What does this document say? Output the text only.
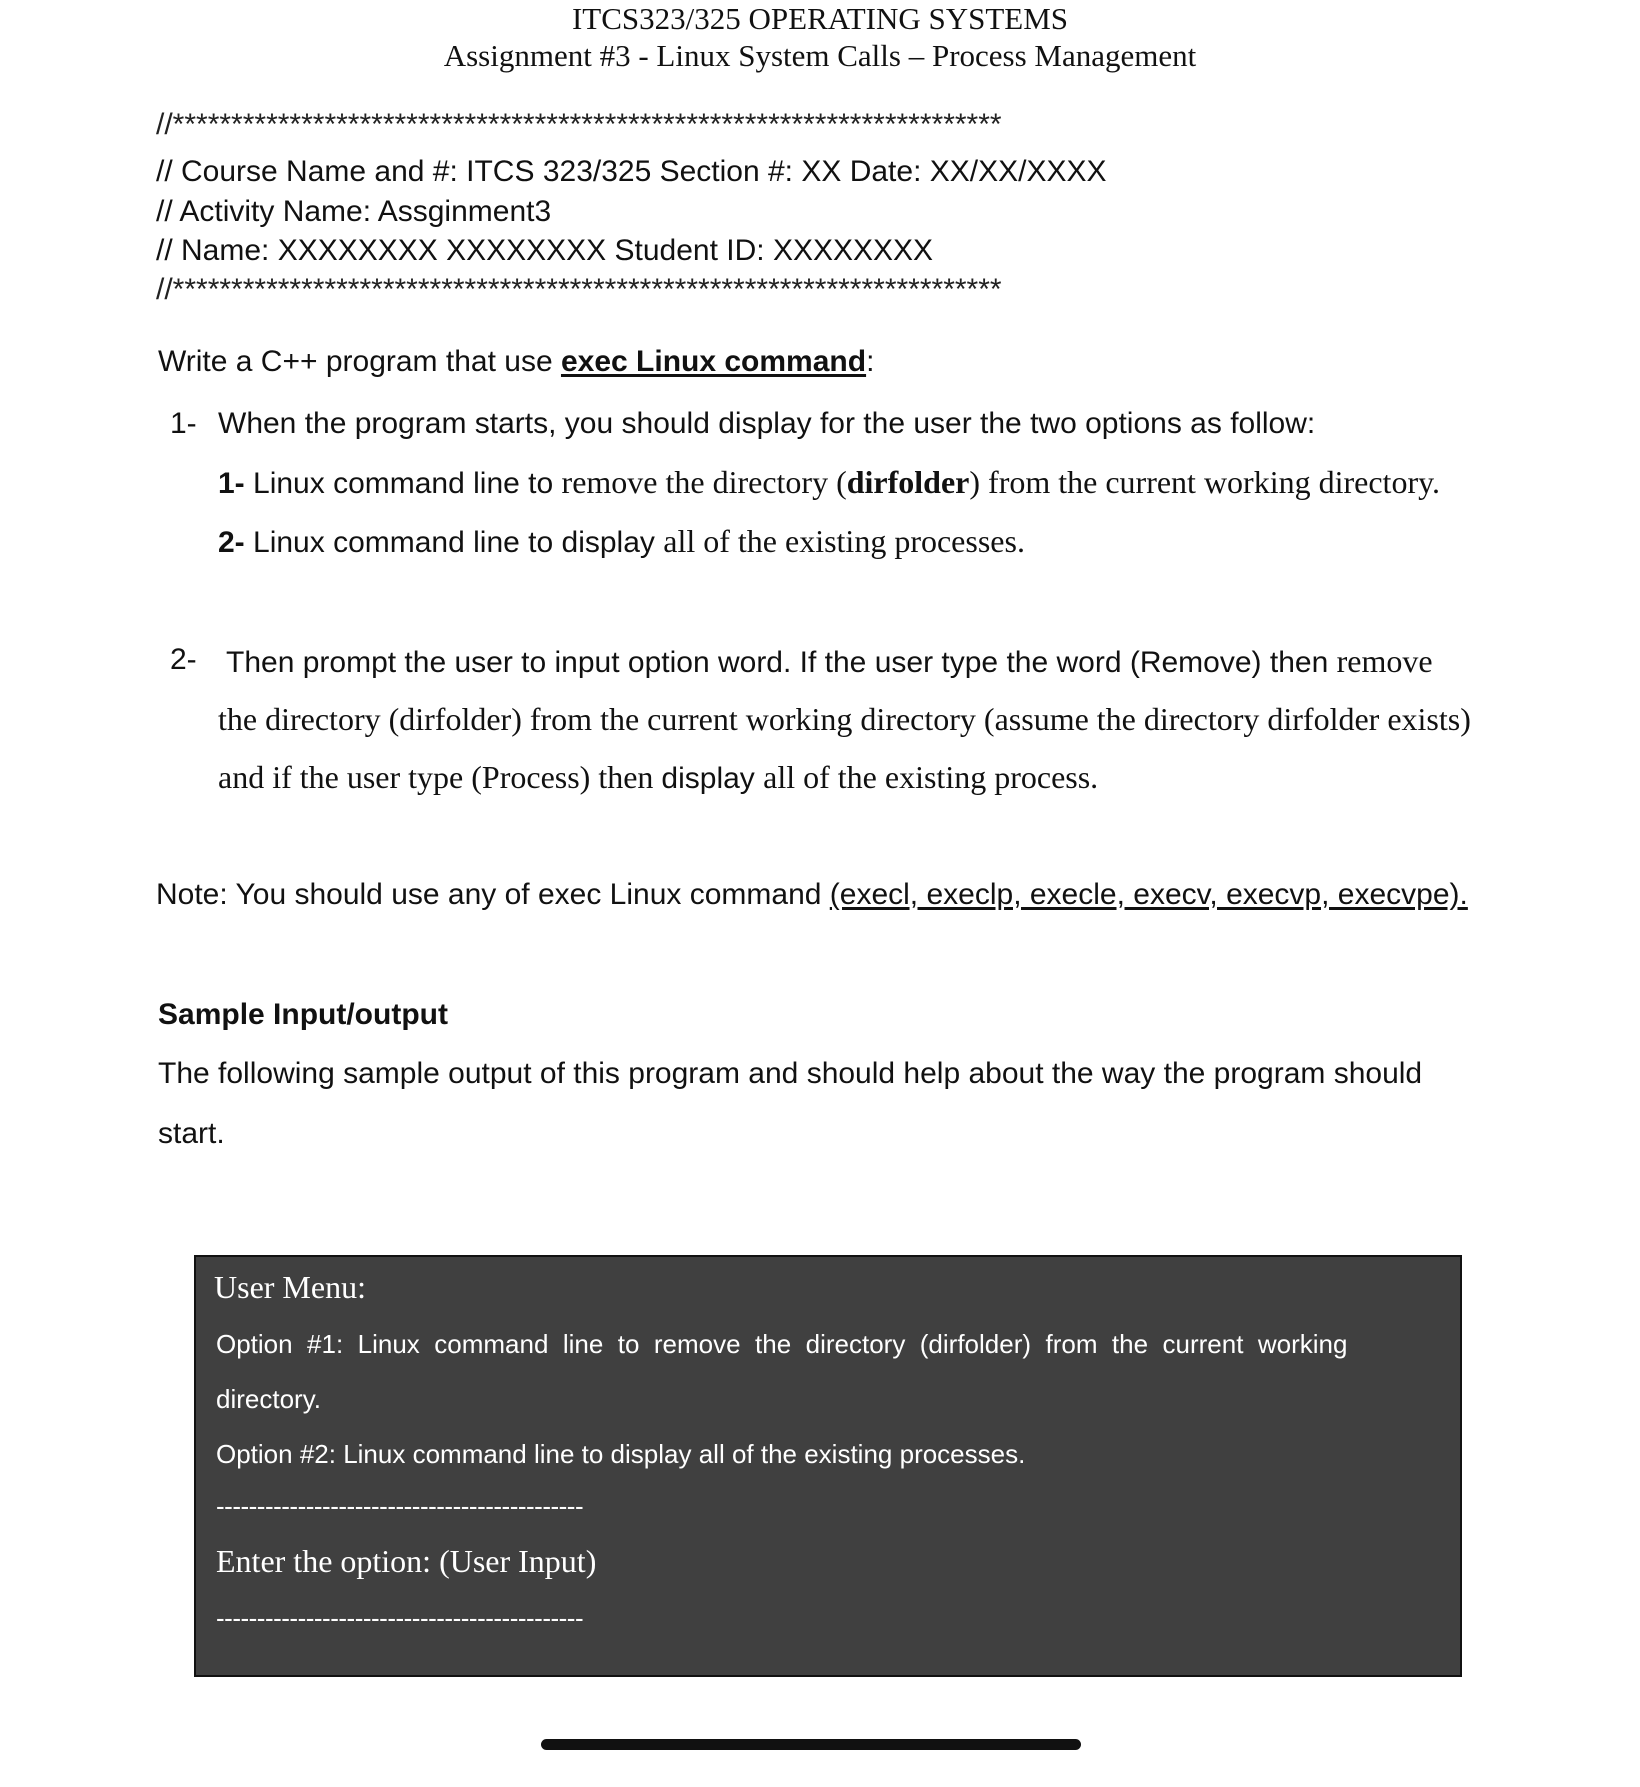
ITCS323/325 OPERATING SYSTEMS
Assignment #3 - Linux System Calls – Process Management
//***********************************************************************
// Course Name and #: ITCS 323/325 Section #: XX Date: XX/XX/XXXX
// Activity Name: Assginment3
// Name: XXXXXXXX XXXXXXXX Student ID: XXXXXXXX
//***********************************************************************
Write a C++ program that use exec Linux command:
1- When the program starts, you should display for the user the two options as follow:
1- Linux command line to remove the directory (dirfolder) from the current working directory.
2- Linux command line to display all of the existing processes.
2- Then prompt the user to input option word. If the user type the word (Remove) then remove
the directory (dirfolder) from the current working directory (assume the directory dirfolder exists)
and if the user type (Process) then display all of the existing process.
Note: You should use any of exec Linux command (execl, execlp, execle, execv, execvp, execvpe).
Sample Input/output
The following sample output of this program and should help about the way the program should
start.
User Menu:
Option  #1:  Linux  command  line  to  remove  the  directory  (dirfolder)  from  the  current  working
directory.
Option #2: Linux command line to display all of the existing processes.
---------------------------------------------
Enter the option: (User Input)
---------------------------------------------
